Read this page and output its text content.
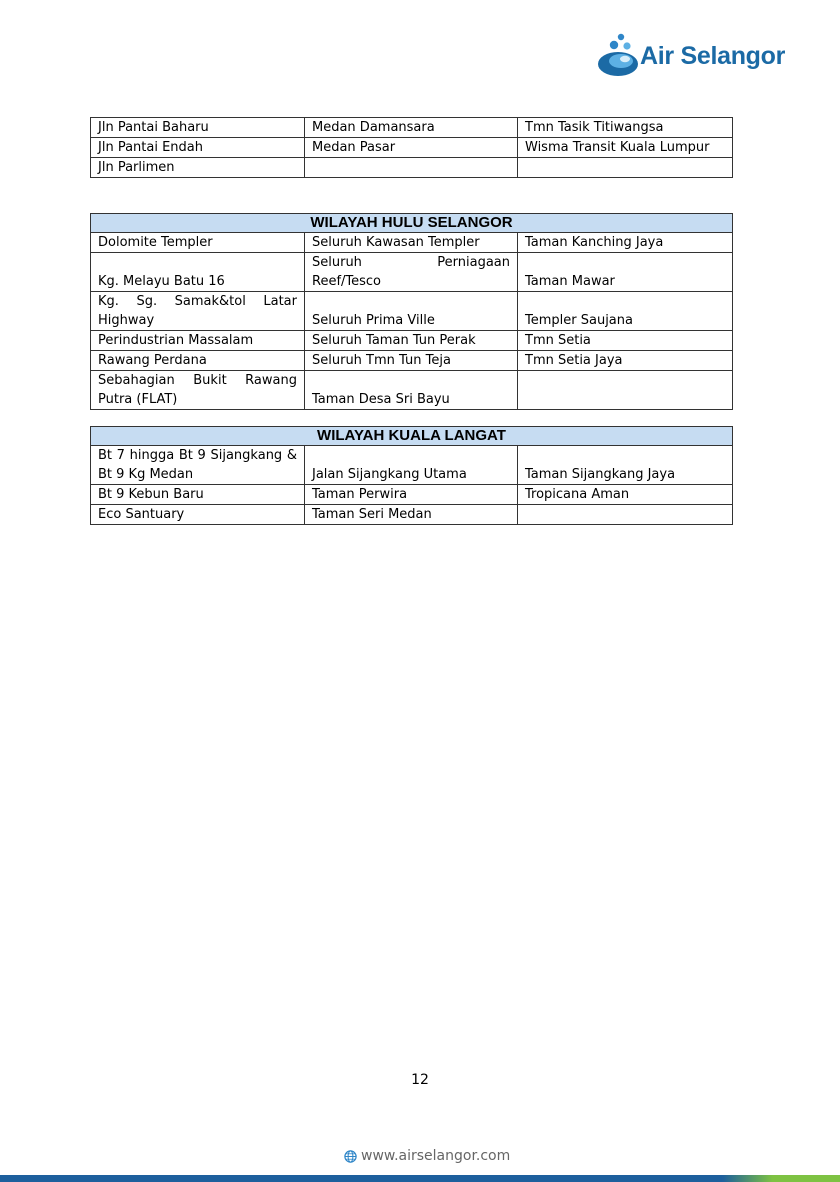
Air Selangor
Jln Pantai Baharu	Medan Damansara	Tmn Tasik Titiwangsa
Jln Pantai Endah	Medan Pasar	Wisma Transit Kuala Lumpur
Jln Parlimen		
WILAYAH HULU SELANGOR		
Dolomite Templer	Seluruh Kawasan Templer	Taman Kanching Jaya
Kg. Melayu Batu 16	Seluruh Perniagaan Reef/Tesco	Taman Mawar
Kg. Sg. Samak&tol Latar Highway	Seluruh Prima Ville	Templer Saujana
Perindustrian Massalam	Seluruh Taman Tun Perak	Tmn Setia
Rawang Perdana	Seluruh Tmn Tun Teja	Tmn Setia Jaya
Sebahagian Bukit Rawang Putra (FLAT)	Taman Desa Sri Bayu	
WILAYAH KUALA LANGAT		
Bt 7 hingga Bt 9 Sijangkang & Bt 9 Kg Medan	Jalan Sijangkang Utama	Taman Sijangkang Jaya
Bt 9 Kebun Baru	Taman Perwira	Tropicana Aman
Eco Santuary	Taman Seri Medan	
12
www.airselangor.com
